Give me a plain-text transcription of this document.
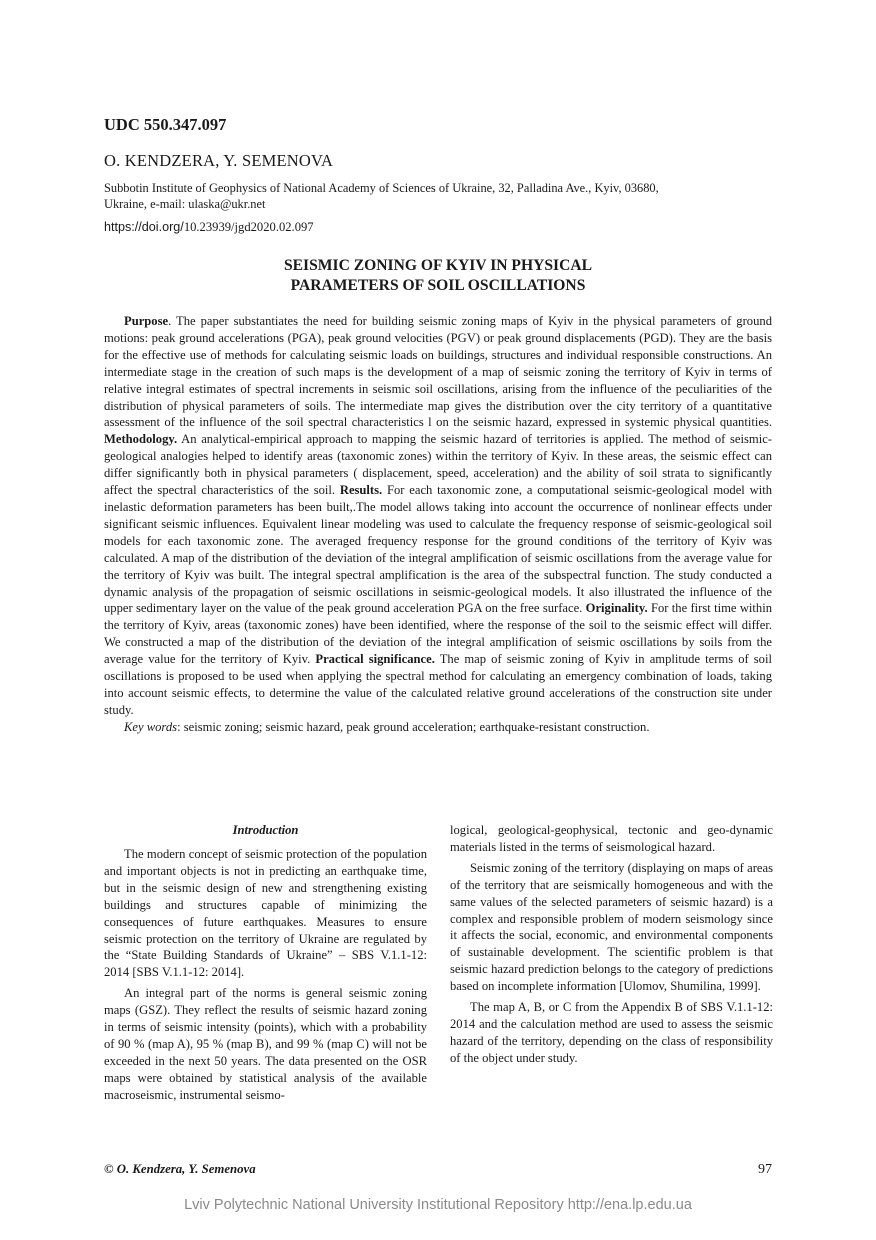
UDC 550.347.097

O. KENDZERA, Y. SEMENOVA

Subbotin Institute of Geophysics of National Academy of Sciences of Ukraine, 32, Palladina Ave., Kyiv, 03680, Ukraine, e-mail: ulaska@ukr.net

https://doi.org/10.23939/jgd2020.02.097

SEISMIC ZONING OF KYIV IN PHYSICAL
PARAMETERS OF SOIL OSCILLATIONS

Purpose. The paper substantiates the need for building seismic zoning maps of Kyiv in the physical parameters of ground motions: peak ground accelerations (PGA), peak ground velocities (PGV) or peak ground displacements (PGD). They are the basis for the effective use of methods for calculating seismic loads on buildings, structures and individual responsible constructions. An intermediate stage in the creation of such maps is the development of a map of seismic zoning the territory of Kyiv in terms of relative integral estimates of spectral increments in seismic soil oscillations, arising from the influence of the peculiarities of the distribution of physical parameters of soils. The intermediate map gives the distribution over the city territory of a quantitative assessment of the influence of the soil spectral characteristics l on the seismic hazard, expressed in systemic physical quantities. Methodology. An analytical-empirical approach to mapping the seismic hazard of territories is applied. The method of seismic-geological analogies helped to identify areas (taxonomic zones) within the territory of Kyiv. In these areas, the seismic effect can differ significantly both in physical parameters ( displacement, speed, acceleration) and the ability of soil strata to significantly affect the spectral characteristics of the soil. Results. For each taxonomic zone, a computational seismic-geological model with inelastic deformation parameters has been built,.The model allows taking into account the occurrence of nonlinear effects under significant seismic influences. Equivalent linear modeling was used to calculate the frequency response of seismic-geological soil models for each taxonomic zone. The averaged frequency response for the ground conditions of the territory of Kyiv was calculated. A map of the distribution of the deviation of the integral amplification of seismic oscillations from the average value for the territory of Kyiv was built. The integral spectral amplification is the area of the subspectral function. The study conducted a dynamic analysis of the propagation of seismic oscillations in seismic-geological models. It also illustrated the influence of the upper sedimentary layer on the value of the peak ground acceleration PGA on the free surface. Originality. For the first time within the territory of Kyiv, areas (taxonomic zones) have been identified, where the response of the soil to the seismic effect will differ. We constructed a map of the distribution of the deviation of the integral amplification of seismic oscillations by soils from the average value for the territory of Kyiv. Practical significance. The map of seismic zoning of Kyiv in amplitude terms of soil oscillations is proposed to be used when applying the spectral method for calculating an emergency combination of loads, taking into account seismic effects, to determine the value of the calculated relative ground accelerations of the construction site under study.

Key words: seismic zoning; seismic hazard, peak ground acceleration; earthquake-resistant construction.

Introduction

The modern concept of seismic protection of the population and important objects is not in predicting an earthquake time, but in the seismic design of new and strengthening existing buildings and structures capable of minimizing the consequences of future earthquakes. Measures to ensure seismic protection on the territory of Ukraine are regulated by the “State Building Standards of Ukraine” – SBS V.1.1-12: 2014 [SBS V.1.1-12: 2014].

An integral part of the norms is general seismic zoning maps (GSZ). They reflect the results of seismic hazard zoning in terms of seismic intensity (points), which with a probability of 90 % (map A), 95 % (map B), and 99 % (map C) will not be exceeded in the next 50 years. The data presented on the OSR maps were obtained by statistical analysis of the available macroseismic, instrumental seismo-

logical, geological-geophysical, tectonic and geo-dynamic materials listed in the terms of seismological hazard.

Seismic zoning of the territory (displaying on maps of areas of the territory that are seismically homogeneous and with the same values of the selected parameters of seismic hazard) is a complex and responsible problem of modern seismology since it affects the social, economic, and environmental components of sustainable development. The scientific problem is that seismic hazard prediction belongs to the category of predictions based on incomplete information [Ulomov, Shumilina, 1999].

The map A, B, or C from the Appendix B of SBS V.1.1-12: 2014 and the calculation method are used to assess the seismic hazard of the territory, depending on the class of responsibility of the object under study.

© O. Kendzera, Y. Semenova	97

Lviv Polytechnic National University Institutional Repository http://ena.lp.edu.ua
